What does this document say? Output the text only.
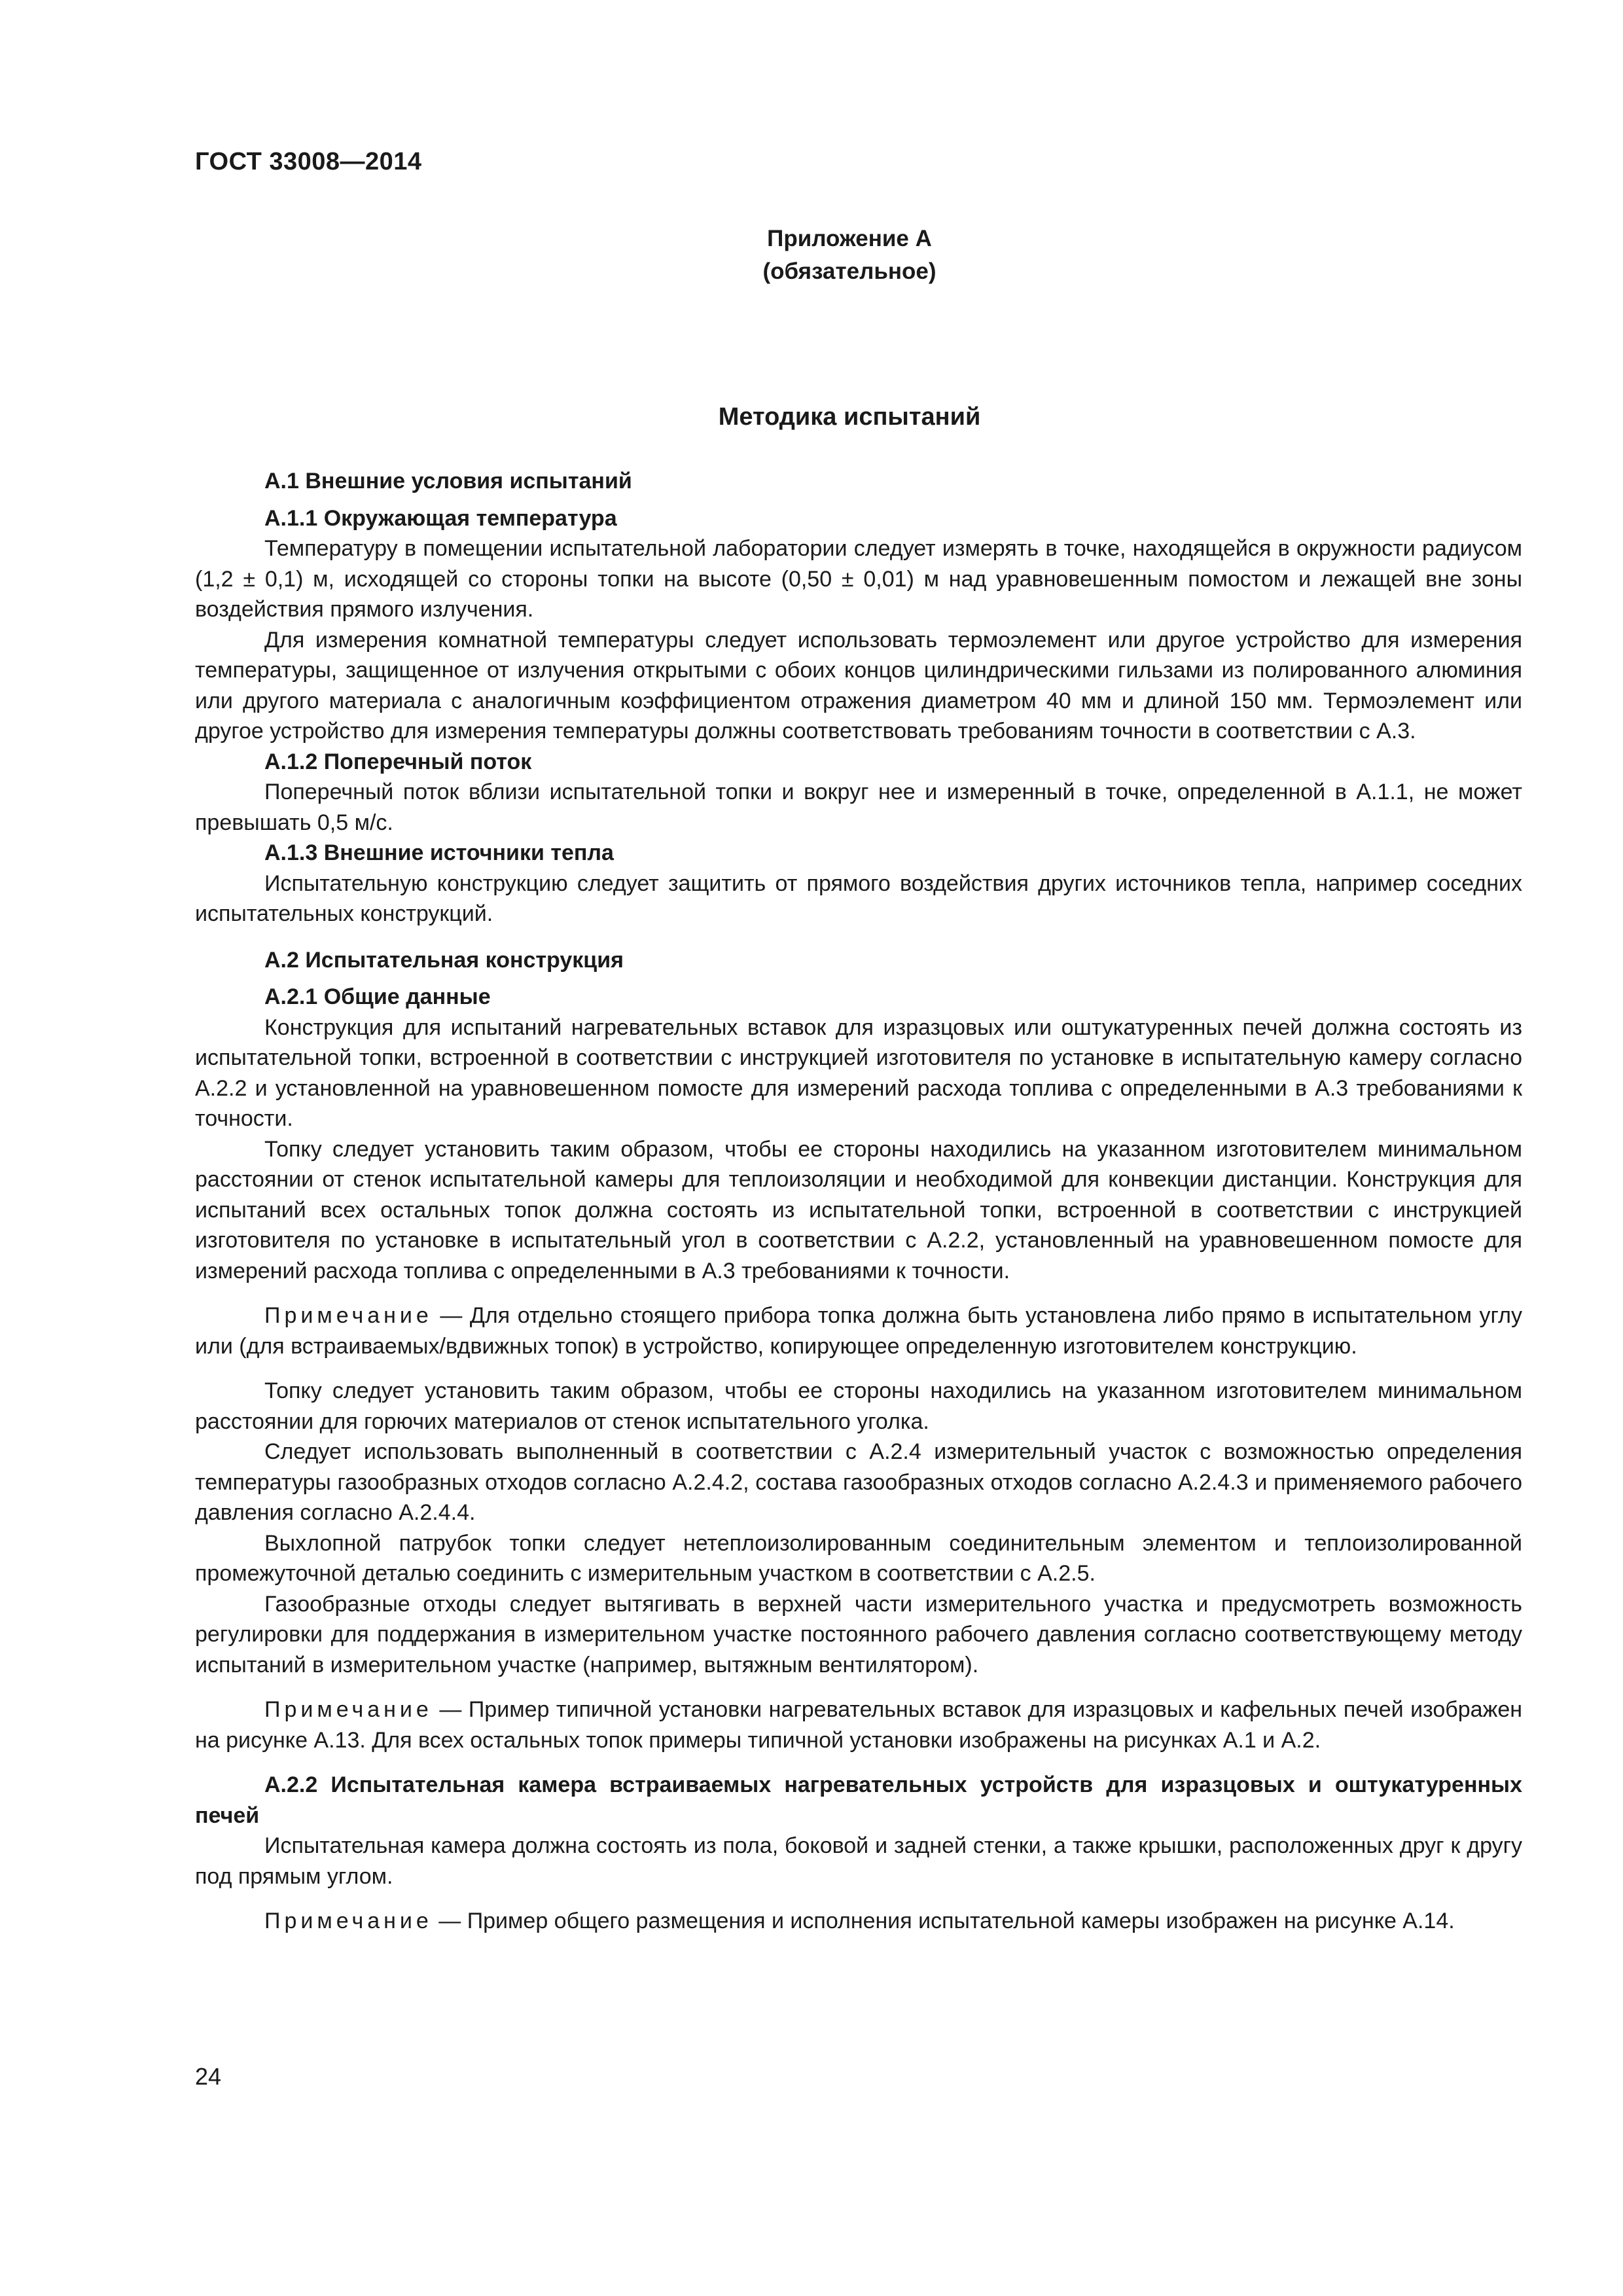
ГОСТ 33008—2014
Приложение А
(обязательное)
Методика испытаний

А.1 Внешние условия испытаний

А.1.1 Окружающая температура

Температуру в помещении испытательной лаборатории следует измерять в точке, находящейся в окружности радиусом (1,2 ± 0,1) м, исходящей со стороны топки на высоте (0,50 ± 0,01) м над уравновешенным помостом и лежащей вне зоны воздействия прямого излучения.

Для измерения комнатной температуры следует использовать термоэлемент или другое устройство для измерения температуры, защищенное от излучения открытыми с обоих концов цилиндрическими гильзами из полированного алюминия или другого материала с аналогичным коэффициентом отражения диаметром 40 мм и длиной 150 мм. Термоэлемент или другое устройство для измерения температуры должны соответствовать требованиям точности в соответствии с А.3.

А.1.2 Поперечный поток

Поперечный поток вблизи испытательной топки и вокруг нее и измеренный в точке, определенной в А.1.1, не может превышать 0,5 м/с.

А.1.3 Внешние источники тепла

Испытательную конструкцию следует защитить от прямого воздействия других источников тепла, например соседних испытательных конструкций.

А.2 Испытательная конструкция

А.2.1 Общие данные

Конструкция для испытаний нагревательных вставок для изразцовых или оштукатуренных печей должна состоять из испытательной топки, встроенной в соответствии с инструкцией изготовителя по установке в испытательную камеру согласно А.2.2 и установленной на уравновешенном помосте для измерений расхода топлива с определенными в А.3 требованиями к точности.

Топку следует установить таким образом, чтобы ее стороны находились на указанном изготовителем минимальном расстоянии от стенок испытательной камеры для теплоизоляции и необходимой для конвекции дистанции. Конструкция для испытаний всех остальных топок должна состоять из испытательной топки, встроенной в соответствии с инструкцией изготовителя по установке в испытательный угол в соответствии с А.2.2, установленный на уравновешенном помосте для измерений расхода топлива с определенными в А.3 требованиями к точности.

Примечание — Для отдельно стоящего прибора топка должна быть установлена либо прямо в испытательном углу или (для встраиваемых/вдвижных топок) в устройство, копирующее определенную изготовителем конструкцию.

Топку следует установить таким образом, чтобы ее стороны находились на указанном изготовителем минимальном расстоянии для горючих материалов от стенок испытательного уголка.

Следует использовать выполненный в соответствии с А.2.4 измерительный участок с возможностью определения температуры газообразных отходов согласно А.2.4.2, состава газообразных отходов согласно А.2.4.3 и применяемого рабочего давления согласно А.2.4.4.

Выхлопной патрубок топки следует нетеплоизолированным соединительным элементом и теплоизолированной промежуточной деталью соединить с измерительным участком в соответствии с А.2.5.

Газообразные отходы следует вытягивать в верхней части измерительного участка и предусмотреть возможность регулировки для поддержания в измерительном участке постоянного рабочего давления согласно соответствующему методу испытаний в измерительном участке (например, вытяжным вентилятором).

Примечание — Пример типичной установки нагревательных вставок для изразцовых и кафельных печей изображен на рисунке А.13. Для всех остальных топок примеры типичной установки изображены на рисунках А.1 и А.2.

А.2.2 Испытательная камера встраиваемых нагревательных устройств для изразцовых и оштукатуренных печей

Испытательная камера должна состоять из пола, боковой и задней стенки, а также крышки, расположенных друг к другу под прямым углом.

Примечание — Пример общего размещения и исполнения испытательной камеры изображен на рисунке А.14.

24
